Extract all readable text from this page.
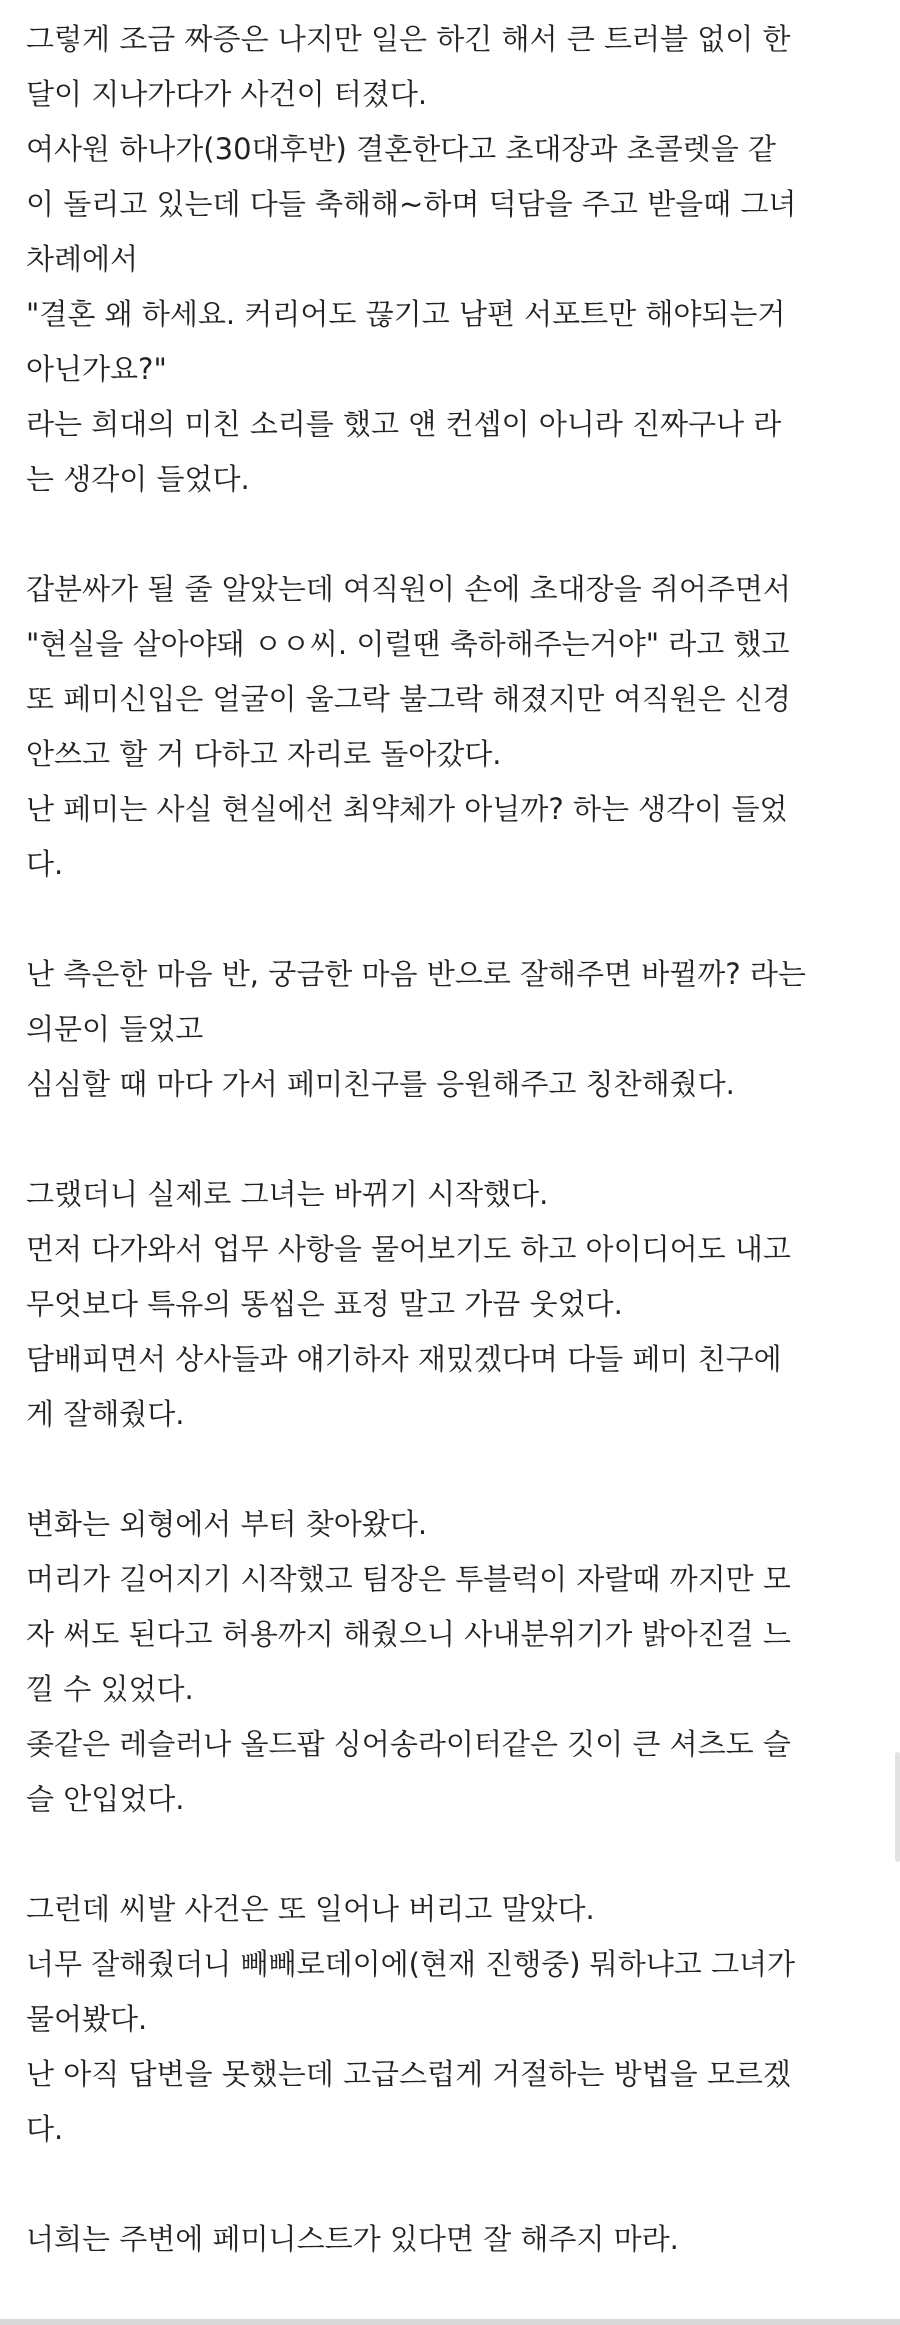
그렇게 조금 짜증은 나지만 일은 하긴 해서 큰 트러블 없이 한
달이 지나가다가 사건이 터졌다.
여사원 하나가(30대후반) 결혼한다고 초대장과 초콜렛을 같
이 돌리고 있는데 다들 축해해~하며 덕담을 주고 받을때 그녀
차례에서
"결혼 왜 하세요. 커리어도 끊기고 남편 서포트만 해야되는거
아닌가요?"
라는 희대의 미친 소리를 했고 얜 컨셉이 아니라 진짜구나 라
는 생각이 들었다.
갑분싸가 될 줄 알았는데 여직원이 손에 초대장을 쥐어주면서
"현실을 살아야돼 ㅇㅇ씨. 이럴땐 축하해주는거야" 라고 했고
또 페미신입은 얼굴이 울그락 불그락 해졌지만 여직원은 신경
안쓰고 할 거 다하고 자리로 돌아갔다.
난 페미는 사실 현실에선 최약체가 아닐까? 하는 생각이 들었
다.
난 측은한 마음 반, 궁금한 마음 반으로 잘해주면 바뀔까? 라는
의문이 들었고
심심할 때 마다 가서 페미친구를 응원해주고 칭찬해줬다.
그랬더니 실제로 그녀는 바뀌기 시작했다.
먼저 다가와서 업무 사항을 물어보기도 하고 아이디어도 내고
무엇보다 특유의 똥씹은 표정 말고 가끔 웃었다.
담배피면서 상사들과 얘기하자 재밌겠다며 다들 페미 친구에
게 잘해줬다.
변화는 외형에서 부터 찾아왔다.
머리가 길어지기 시작했고 팀장은 투블럭이 자랄때 까지만 모
자 써도 된다고 허용까지 해줬으니 사내분위기가 밝아진걸 느
낄 수 있었다.
좆같은 레슬러나 올드팝 싱어송라이터같은 깃이 큰 셔츠도 슬
슬 안입었다.
그런데 씨발 사건은 또 일어나 버리고 말았다.
너무 잘해줬더니 빼빼로데이에(현재 진행중) 뭐하냐고 그녀가
물어봤다.
난 아직 답변을 못했는데 고급스럽게 거절하는 방법을 모르겠
다.
너희는 주변에 페미니스트가 있다면 잘 해주지 마라.
